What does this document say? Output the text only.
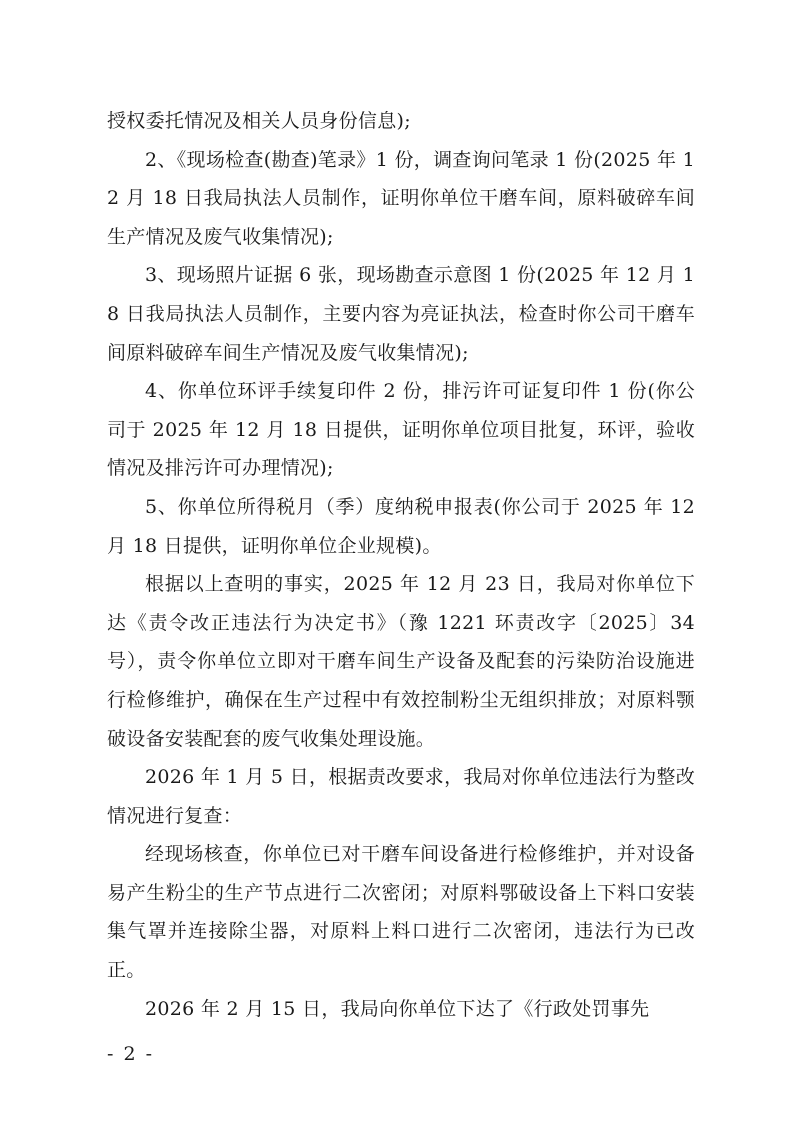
授权委托情况及相关人员身份信息);

2、《现场检查(勘查)笔录》1 份，调查询问笔录 1 份(2025 年 12 月 18 日我局执法人员制作，证明你单位干磨车间，原料破碎车间生产情况及废气收集情况);

3、现场照片证据 6 张，现场勘查示意图 1 份(2025 年 12 月 18 日我局执法人员制作，主要内容为亮证执法，检查时你公司干磨车间原料破碎车间生产情况及废气收集情况);

4、你单位环评手续复印件 2 份，排污许可证复印件 1 份(你公司于 2025 年 12 月 18 日提供，证明你单位项目批复，环评，验收情况及排污许可办理情况);

5、你单位所得税月（季）度纳税申报表(你公司于 2025 年 12 月 18 日提供，证明你单位企业规模)。

根据以上查明的事实，2025 年 12 月 23 日，我局对你单位下达《责令改正违法行为决定书》（豫 1221 环责改字〔2025〕34 号），责令你单位立即对干磨车间生产设备及配套的污染防治设施进行检修维护，确保在生产过程中有效控制粉尘无组织排放；对原料颚破设备安装配套的废气收集处理设施。

2026 年 1 月 5 日，根据责改要求，我局对你单位违法行为整改情况进行复查：

经现场核查，你单位已对干磨车间设备进行检修维护，并对设备易产生粉尘的生产节点进行二次密闭；对原料鄂破设备上下料口安装集气罩并连接除尘器，对原料上料口进行二次密闭，违法行为已改正。

2026 年 2 月 15 日，我局向你单位下达了《行政处罚事先

- 2 -
